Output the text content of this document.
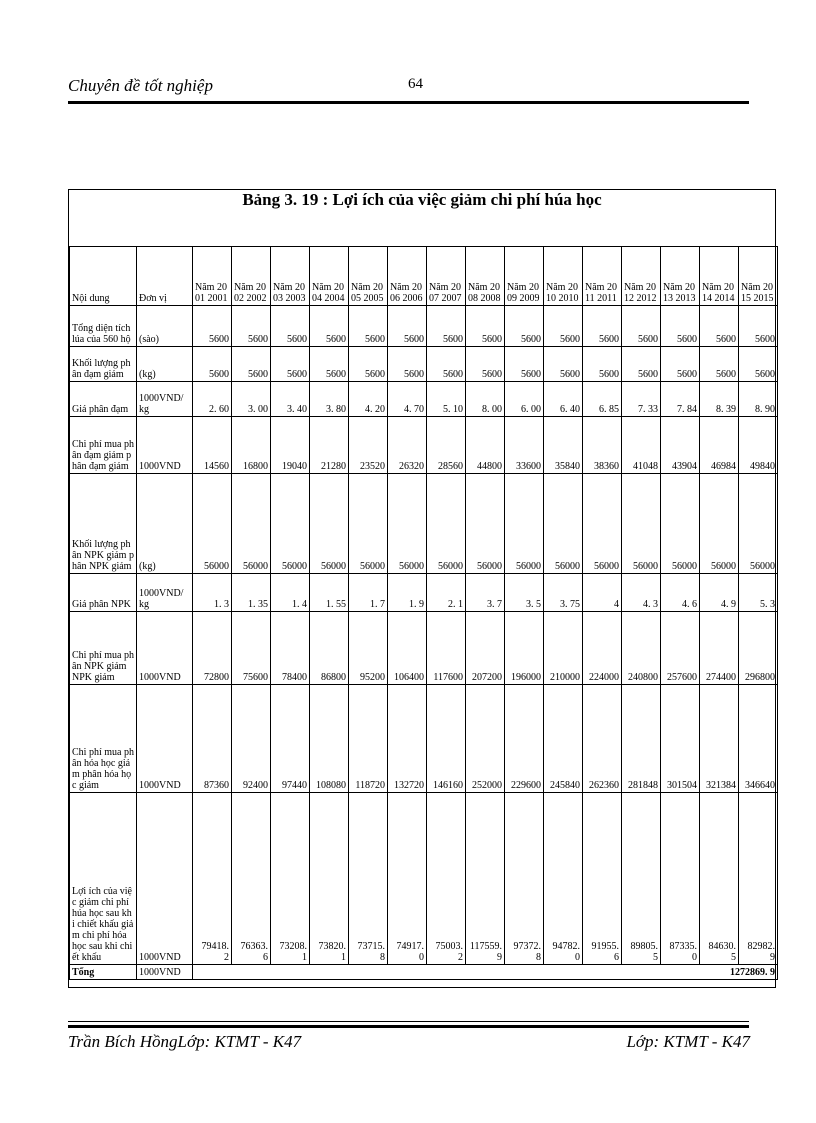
Chuyên đề tốt nghiệp	64
Bảng 3. 19 : Lợi ích của việc giảm chi phí húa học
Nội dung	Đơn vị	Năm 2001 2001	Năm 2002 2002	Năm 2003 2003	Năm 2004 2004	Năm 2005 2005	Năm 2006 2006	Năm 2007 2007	Năm 2008 2008	Năm 2009 2009	Năm 2010 2010	Năm 2011 2011	Năm 2012 2012	Năm 2013 2013	Năm 2014 2014	Năm 2015 2015
Tổng diện tích lúa của 560 hộ	(sào)	5600	5600	5600	5600	5600	5600	5600	5600	5600	5600	5600	5600	5600	5600	5600
Khối lượng phân đạm giảm	(kg)	5600	5600	5600	5600	5600	5600	5600	5600	5600	5600	5600	5600	5600	5600	5600
Giá phân đạm	1000VND/ kg	2. 60	3. 00	3. 40	3. 80	4. 20	4. 70	5. 10	8. 00	6. 00	6. 40	6. 85	7. 33	7. 84	8. 39	8. 90
Chi phí mua phân đạm giảm phân đạm giảm	1000VND	14560	16800	19040	21280	23520	26320	28560	44800	33600	35840	38360	41048	43904	46984	49840
Khối lượng phân NPK giảm phân NPK giảm	(kg)	56000	56000	56000	56000	56000	56000	56000	56000	56000	56000	56000	56000	56000	56000	56000
Giá phân NPK	1000VND/ kg	1. 3	1. 35	1. 4	1. 55	1. 7	1. 9	2. 1	3. 7	3. 5	3. 75	4	4. 3	4. 6	4. 9	5. 3
Chi phí mua phân NPK giảm NPK giảm	1000VND	72800	75600	78400	86800	95200	106400	117600	207200	196000	210000	224000	240800	257600	274400	296800
Chi phí mua phân hóa học giảm phân hóa học giảm	1000VND	87360	92400	97440	108080	118720	132720	146160	252000	229600	245840	262360	281848	301504	321384	346640
Lợi ích của việc giảm chi phí húa học sau khi chiết khấu giảm chi phí hóa học sau khi chiết khấu	1000VND	79418. 2	76363. 6	73208. 1	73820. 1	73715. 8	74917. 0	75003. 2	117559. 9	97372. 8	94782. 0	91955. 6	89805. 5	87335. 0	84630. 5	82982. 9
Tổng	1000VND	1272869. 9														
Trần Bích HồngLớp: KTMT - K47	Lớp: KTMT - K47
